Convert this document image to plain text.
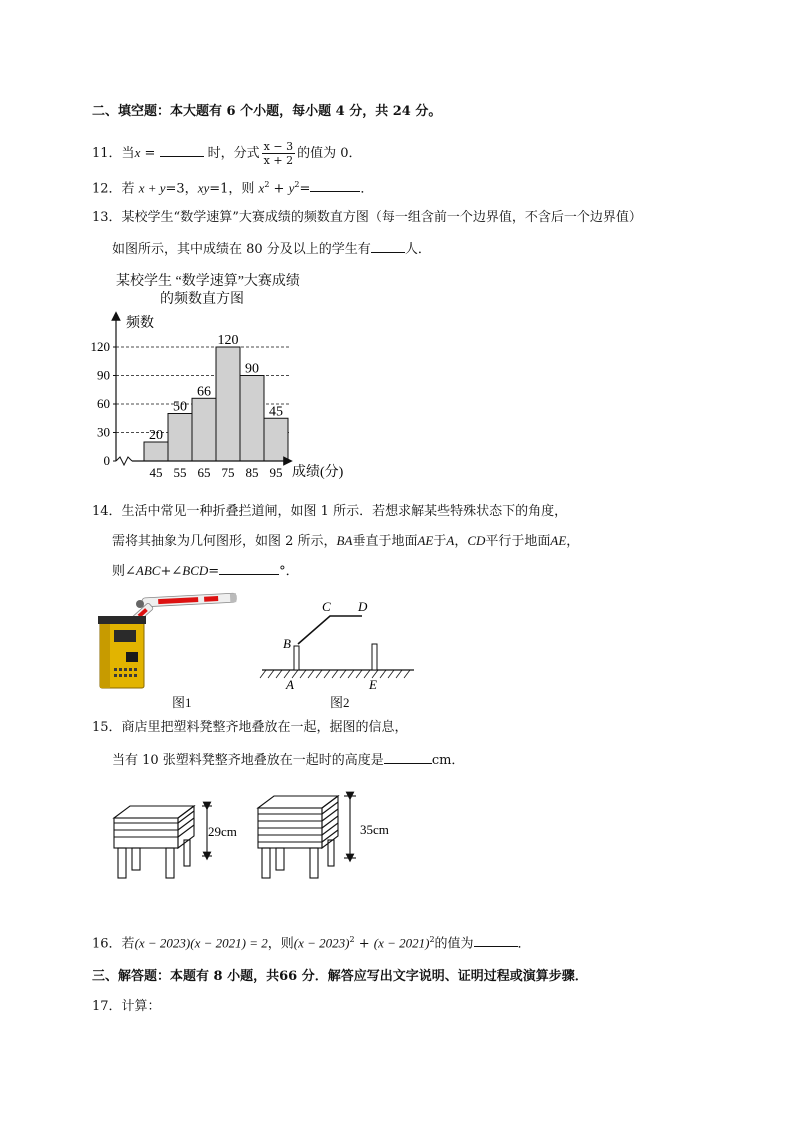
二、填空题：本大题有 6 个小题，每小题 4 分，共 24 分。
11．当x =	时，分式 $\frac{x - 3}{x + 2}$ 的值为 0．
12．若 x + y=3，xy=1，则 $x^2 + y^2=$	．
13．某校学生“数学速算”大赛成绩的频数直方图（每一组含前一个边界值，不含后一个边界值）
如图所示，其中成绩在 80 分及以上的学生有	人．
某校学生 “数学速算”大赛成绩
的频数直方图
频数
成绩(分)
0
30
60
90
120
45 55 65 75 85 95
20
50
66
120
90
45
14．生活中常见一种折叠拦道闸，如图 1 所示．若想求解某些特殊状态下的角度，
需将其抽象为几何图形，如图 2 所示，BA垂直于地面AE于A，CD平行于地面AE，
则∠ABC+∠BCD=	°．
图1
B
C D
A	E
图2
15．商店里把塑料凳整齐地叠放在一起，据图的信息，
当有 10 张塑料凳整齐地叠放在一起时的高度是	cm．
29cm	35cm
16．若(x − 2023)(x − 2021) = 2，则$(x - 2023)^2 + (x - 2021)^2$的值为	．
三、解答题：本题有 8 小题，共66 分．解答应写出文字说明、证明过程或演算步骤．
17．计算：
